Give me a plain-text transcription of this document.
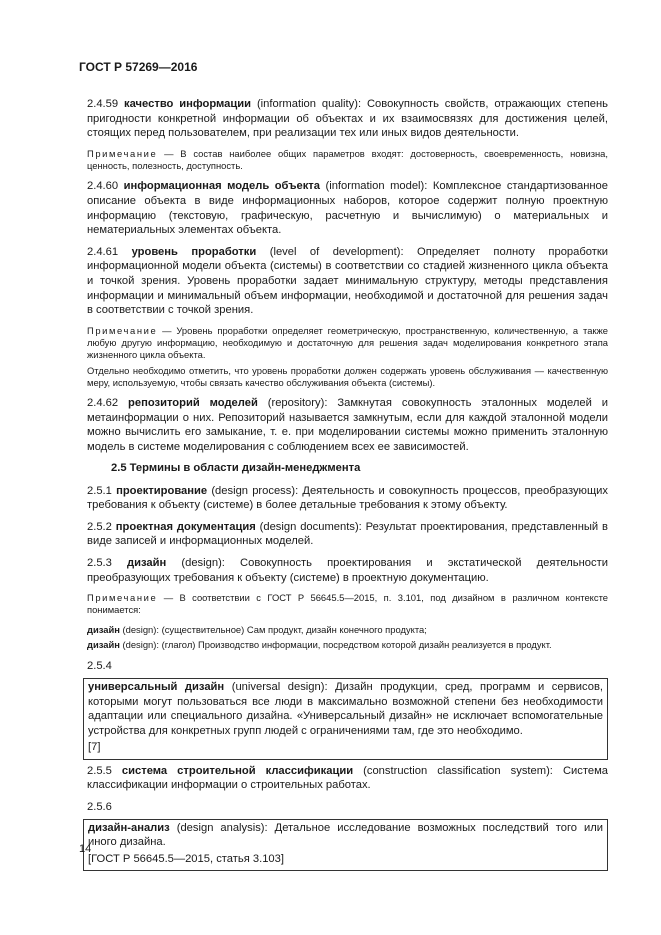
ГОСТ Р 57269—2016

2.4.59 качество информации (information quality): Совокупность свойств, отражающих степень пригодности конкретной информации об объектах и их взаимосвязях для достижения целей, стоящих перед пользователем, при реализации тех или иных видов деятельности.

Примечание — В состав наиболее общих параметров входят: достоверность, своевременность, новизна, ценность, полезность, доступность.

2.4.60 информационная модель объекта (information model): Комплексное стандартизованное описание объекта в виде информационных наборов, которое содержит полную проектную информацию (текстовую, графическую, расчетную и вычислимую) о материальных и нематериальных элементах объекта.

2.4.61 уровень проработки (level of development): Определяет полноту проработки информационной модели объекта (системы) в соответствии со стадией жизненного цикла объекта и точкой зрения. Уровень проработки задает минимальную структуру, методы представления информации и минимальный объем информации, необходимой и достаточной для решения задач в соответствии с точкой зрения.

Примечание — Уровень проработки определяет геометрическую, пространственную, количественную, а также любую другую информацию, необходимую и достаточную для решения задач моделирования конкретного этапа жизненного цикла объекта.

Отдельно необходимо отметить, что уровень проработки должен содержать уровень обслуживания — качественную меру, используемую, чтобы связать качество обслуживания объекта (системы).

2.4.62 репозиторий моделей (repository): Замкнутая совокупность эталонных моделей и метаинформации о них. Репозиторий называется замкнутым, если для каждой эталонной модели можно вычислить его замыкание, т. е. при моделировании системы можно применить эталонную модель в системе моделирования с соблюдением всех ее зависимостей.

2.5 Термины в области дизайн-менеджмента

2.5.1 проектирование (design process): Деятельность и совокупность процессов, преобразующих требования к объекту (системе) в более детальные требования к этому объекту.

2.5.2 проектная документация (design documents): Результат проектирования, представленный в виде записей и информационных моделей.

2.5.3 дизайн (design): Совокупность проектирования и экстатической деятельности преобразующих требования к объекту (системе) в проектную документацию.

Примечание — В соответствии с ГОСТ Р 56645.5—2015, п. 3.101, под дизайном в различном контексте понимается:

дизайн (design): (существительное) Сам продукт, дизайн конечного продукта;

дизайн (design): (глагол) Производство информации, посредством которой дизайн реализуется в продукт.

2.5.4

универсальный дизайн (universal design): Дизайн продукции, сред, программ и сервисов, которыми могут пользоваться все люди в максимально возможной степени без необходимости адаптации или специального дизайна. «Универсальный дизайн» не исключает вспомогательные устройства для конкретных групп людей с ограничениями там, где это необходимо.

[7]

2.5.5 система строительной классификации (construction classification system): Система классификации информации о строительных работах.

2.5.6

дизайн-анализ (design analysis): Детальное исследование возможных последствий того или иного дизайна.

[ГОСТ Р 56645.5—2015, статья 3.103]

14
